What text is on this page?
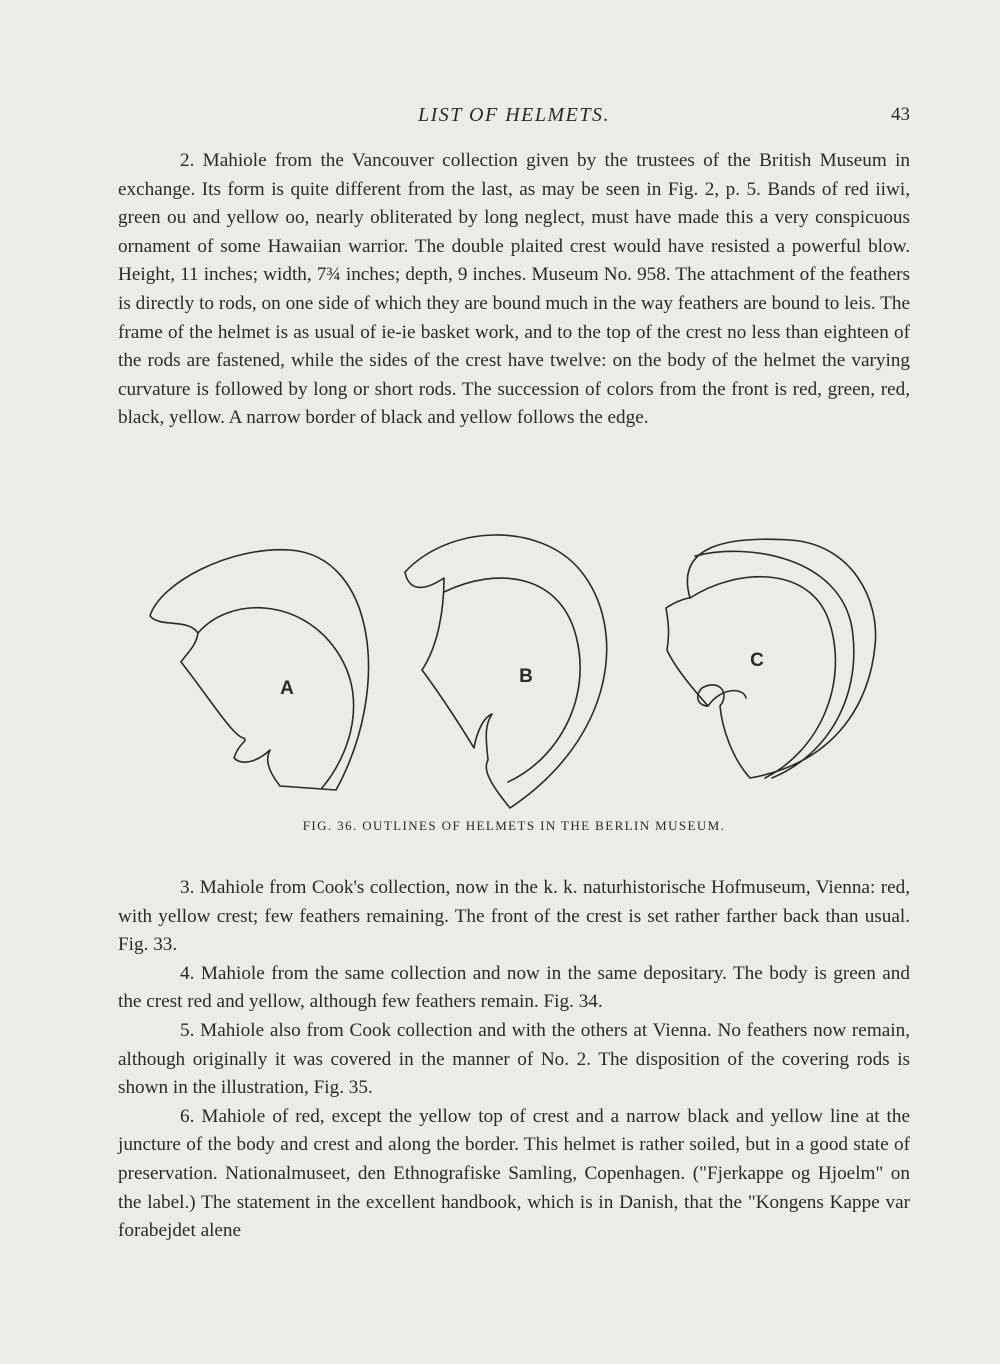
LIST OF HELMETS.	43

2. Mahiole from the Vancouver collection given by the trustees of the British Museum in exchange. Its form is quite different from the last, as may be seen in Fig. 2, p. 5. Bands of red iiwi, green ou and yellow oo, nearly obliterated by long neglect, must have made this a very conspicuous ornament of some Hawaiian warrior. The double plaited crest would have resisted a powerful blow. Height, 11 inches; width, 7¾ inches; depth, 9 inches. Museum No. 958. The attachment of the feathers is directly to rods, on one side of which they are bound much in the way feathers are bound to leis. The frame of the helmet is as usual of ie-ie basket work, and to the top of the crest no less than eighteen of the rods are fastened, while the sides of the crest have twelve: on the body of the helmet the varying curvature is followed by long or short rods. The succession of colors from the front is red, green, red, black, yellow. A narrow border of black and yellow follows the edge.

A
B
C
FIG. 36. OUTLINES OF HELMETS IN THE BERLIN MUSEUM.

3. Mahiole from Cook's collection, now in the k. k. naturhistorische Hofmuseum, Vienna: red, with yellow crest; few feathers remaining. The front of the crest is set rather farther back than usual. Fig. 33.

4. Mahiole from the same collection and now in the same depositary. The body is green and the crest red and yellow, although few feathers remain. Fig. 34.

5. Mahiole also from Cook collection and with the others at Vienna. No feathers now remain, although originally it was covered in the manner of No. 2. The disposition of the covering rods is shown in the illustration, Fig. 35.

6. Mahiole of red, except the yellow top of crest and a narrow black and yellow line at the juncture of the body and crest and along the border. This helmet is rather soiled, but in a good state of preservation. Nationalmuseet, den Ethnografiske Samling, Copenhagen. ("Fjerkappe og Hjoelm" on the label.) The statement in the excellent handbook, which is in Danish, that the "Kongens Kappe var forabejdet alene
